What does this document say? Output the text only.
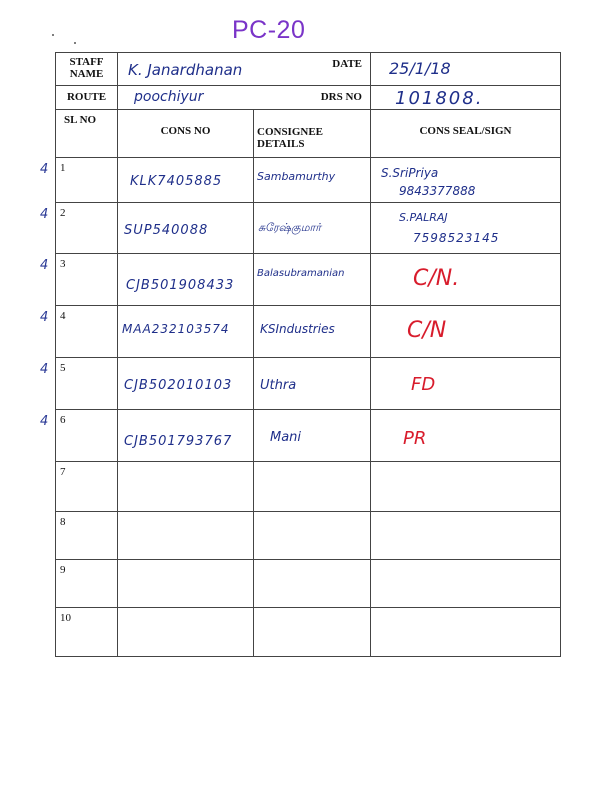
PC-20
STAFF NAME	K. Janardhanan DATE		25/1/18

ROUTE	poochiyur DRS NO		101808.

SL NO	CONS NO	CONSIGNEE DETAILS	CONS SEAL/SIGN

4 1	KLK7405885	Sambamurthy	S.SriPriya
9843377888

4 2	SUP540088	சுரேஷ்குமார்	S.PALRAJ
7598523145

4 3	CJB501908433	Balasubramanian	C/N.

4 4	MAA232103574	KSIndustries	C/N

4 5	CJB502010103	Uthra	FD

4 6	CJB501793767	Mani	PR

7			

8			

9			

10			
